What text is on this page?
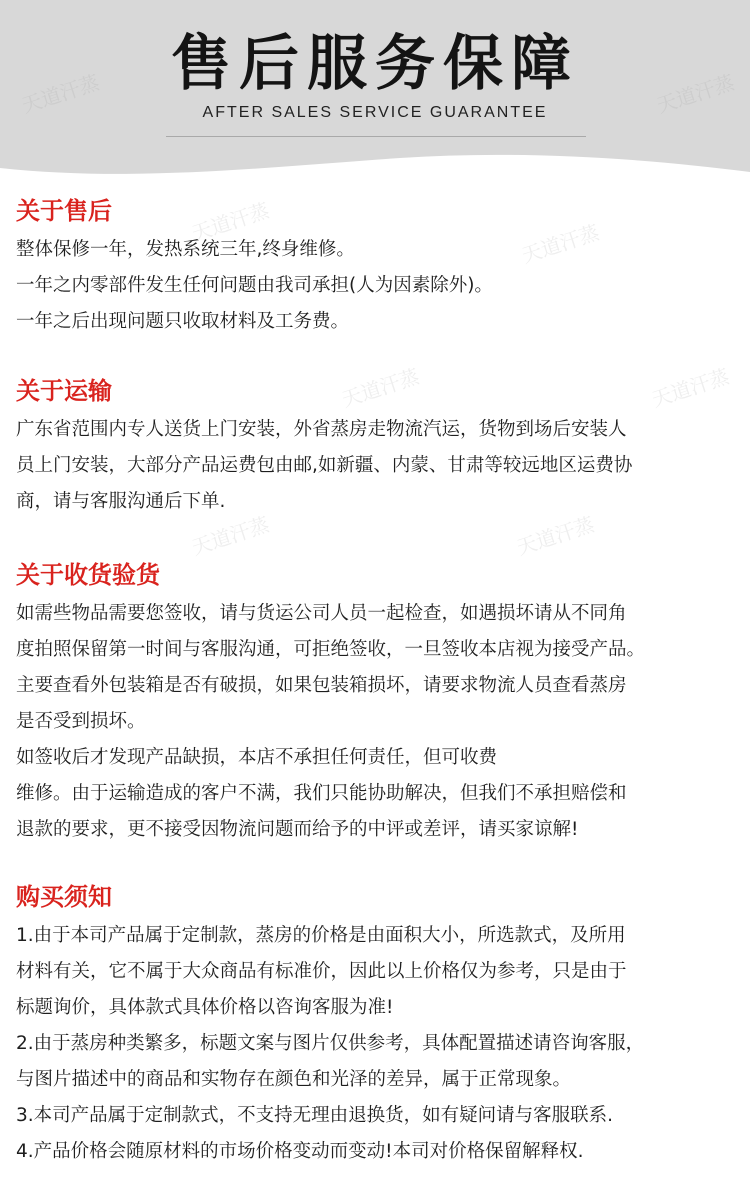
售后服务保障
AFTER SALES SERVICE GUARANTEE
天道汗蒸	天道汗蒸
天道汗蒸	天道汗蒸
天道汗蒸	天道汗蒸
关于售后

整体保修一年，发热系统三年,终身维修。

一年之内零部件发生任何问题由我司承担(人为因素除外)。

一年之后出现问题只收取材料及工务费。

关于运输

广东省范围内专人送货上门安装，外省蒸房走物流汽运，货物到场后安装人

员上门安装，大部分产品运费包由邮,如新疆、内蒙、甘肃等较远地区运费协

商，请与客服沟通后下单.

关于收货验货

如需些物品需要您签收，请与货运公司人员一起检查，如遇损坏请从不同角

度拍照保留第一时间与客服沟通，可拒绝签收，一旦签收本店视为接受产品。

主要查看外包装箱是否有破损，如果包装箱损坏，请要求物流人员查看蒸房

是否受到损坏。

如签收后才发现产品缺损，本店不承担任何责任，但可收费

维修。由于运输造成的客户不满，我们只能协助解决，但我们不承担赔偿和

退款的要求，更不接受因物流问题而给予的中评或差评，请买家谅解!

购买须知

1.由于本司产品属于定制款，蒸房的价格是由面积大小，所选款式，及所用

材料有关，它不属于大众商品有标准价，因此以上价格仅为参考，只是由于

标题询价，具体款式具体价格以咨询客服为准!

2.由于蒸房种类繁多，标题文案与图片仅供参考，具体配置描述请咨询客服，

与图片描述中的商品和实物存在颜色和光泽的差异，属于正常现象。

3.本司产品属于定制款式，不支持无理由退换货，如有疑问请与客服联系.

4.产品价格会随原材料的市场价格变动而变动!本司对价格保留解释权.
